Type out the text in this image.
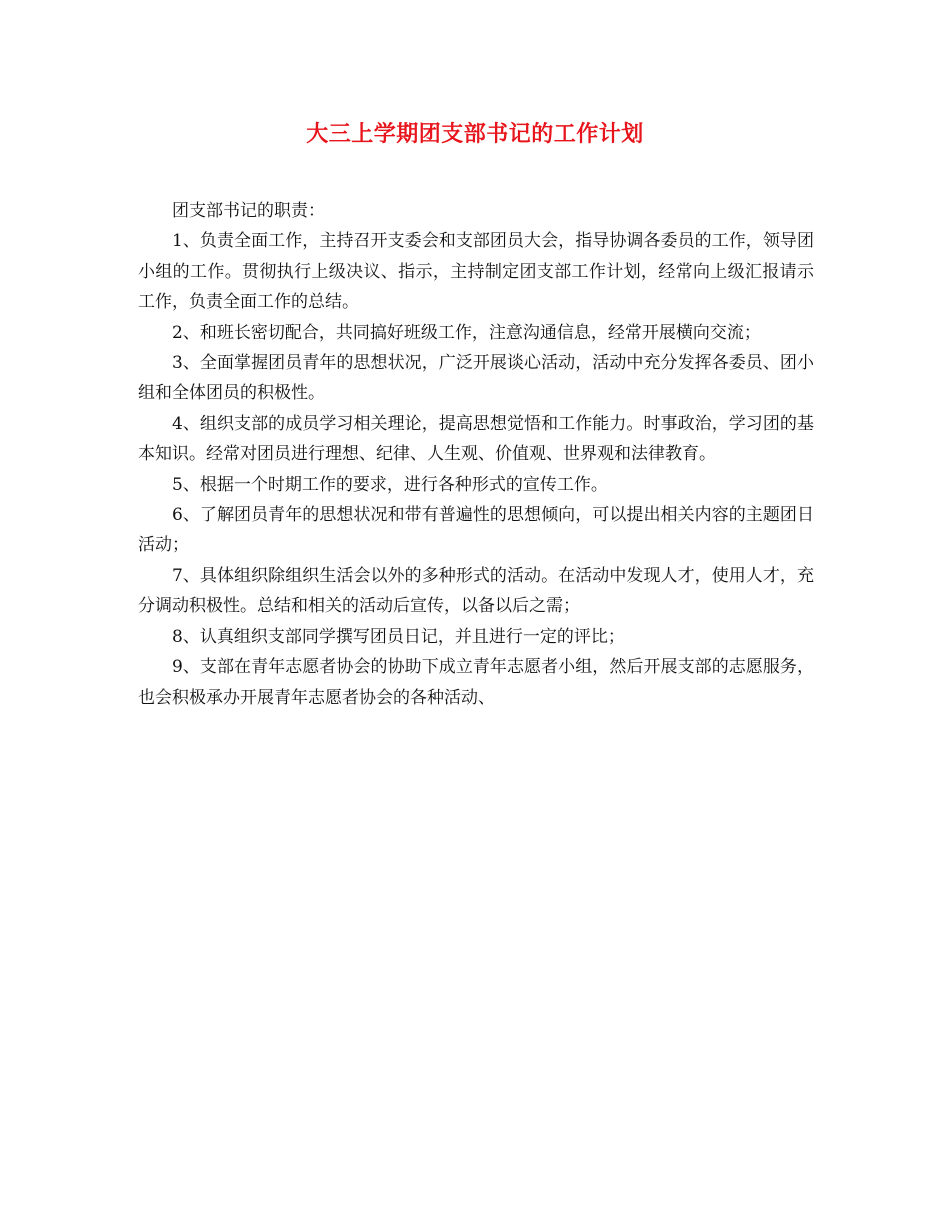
大三上学期团支部书记的工作计划

团支部书记的职责：

1、负责全面工作，主持召开支委会和支部团员大会，指导协调各委员的工作，领导团小组的工作。贯彻执行上级决议、指示，主持制定团支部工作计划，经常向上级汇报请示工作，负责全面工作的总结。

2、和班长密切配合，共同搞好班级工作，注意沟通信息，经常开展横向交流；

3、全面掌握团员青年的思想状况，广泛开展谈心活动，活动中充分发挥各委员、团小组和全体团员的积极性。

4、组织支部的成员学习相关理论，提高思想觉悟和工作能力。时事政治，学习团的基本知识。经常对团员进行理想、纪律、人生观、价值观、世界观和法律教育。

5、根据一个时期工作的要求，进行各种形式的宣传工作。

6、了解团员青年的思想状况和带有普遍性的思想倾向，可以提出相关内容的主题团日活动；

7、具体组织除组织生活会以外的多种形式的活动。在活动中发现人才，使用人才，充分调动积极性。总结和相关的活动后宣传，以备以后之需；

8、认真组织支部同学撰写团员日记，并且进行一定的评比；

9、支部在青年志愿者协会的协助下成立青年志愿者小组，然后开展支部的志愿服务，也会积极承办开展青年志愿者协会的各种活动、
